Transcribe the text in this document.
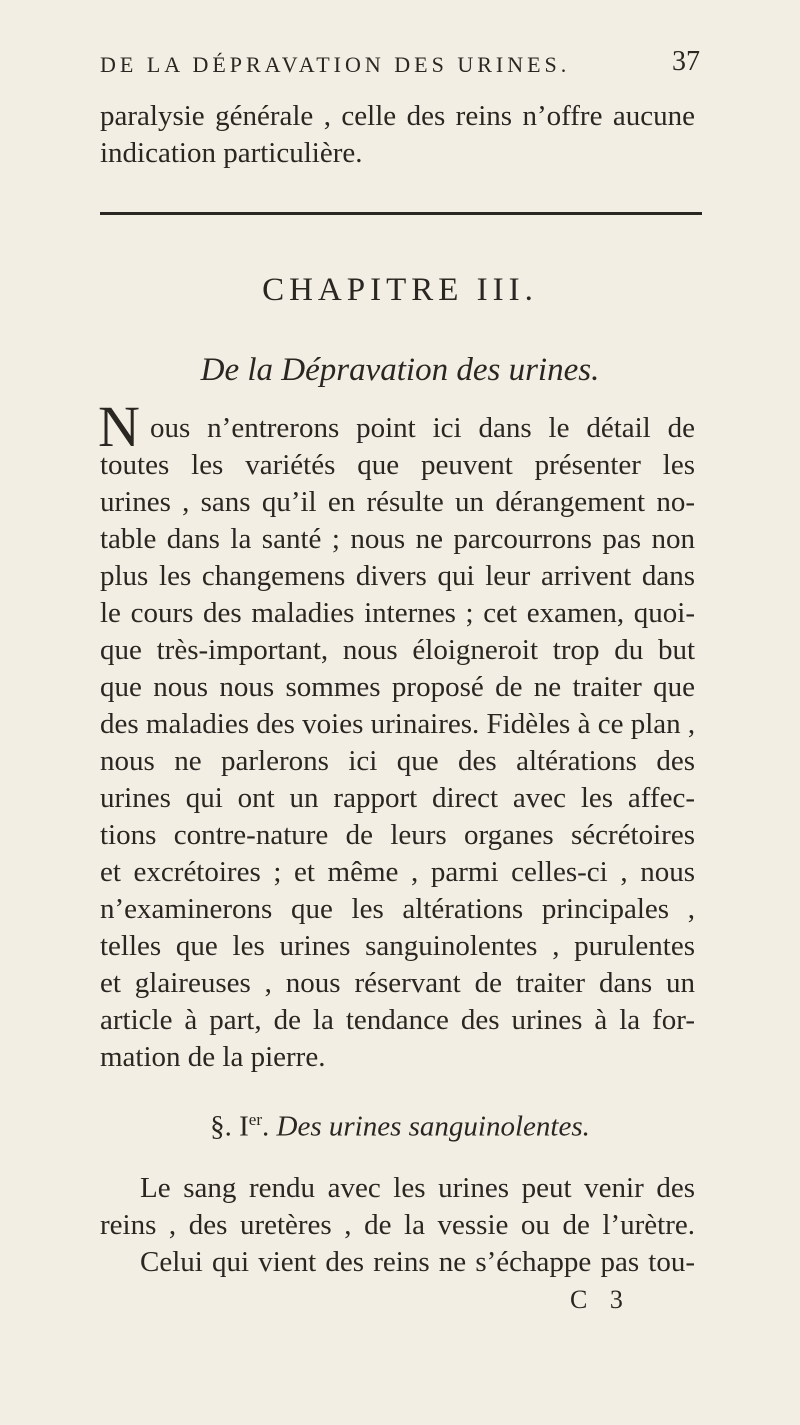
DE LA DÉPRAVATION DES URINES.	37
paralysie générale , celle des reins n’offre aucune
indication particulière.
CHAPITRE III.
De la Dépravation des urines.
N ous n’entrerons point ici dans le détail de
toutes les variétés que peuvent présenter les
urines , sans qu’il en résulte un dérangement no-
table dans la santé ; nous ne parcourrons pas non
plus les changemens divers qui leur arrivent dans
le cours des maladies internes ; cet examen, quoi-
que très-important, nous éloigneroit trop du but
que nous nous sommes proposé de ne traiter que
des maladies des voies urinaires. Fidèles à ce plan ,
nous ne parlerons ici que des altérations des
urines qui ont un rapport direct avec les affec-
tions contre-nature de leurs organes sécrétoires
et excrétoires ; et même , parmi celles-ci , nous
n’examinerons que les altérations principales ,
telles que les urines sanguinolentes , purulentes
et glaireuses , nous réservant de traiter dans un
article à part, de la tendance des urines à la for-
mation de la pierre.
§. Ier. Des urines sanguinolentes.
Le sang rendu avec les urines peut venir des
reins , des uretères , de la vessie ou de l’urètre.
Celui qui vient des reins ne s’échappe pas tou-
C 3
